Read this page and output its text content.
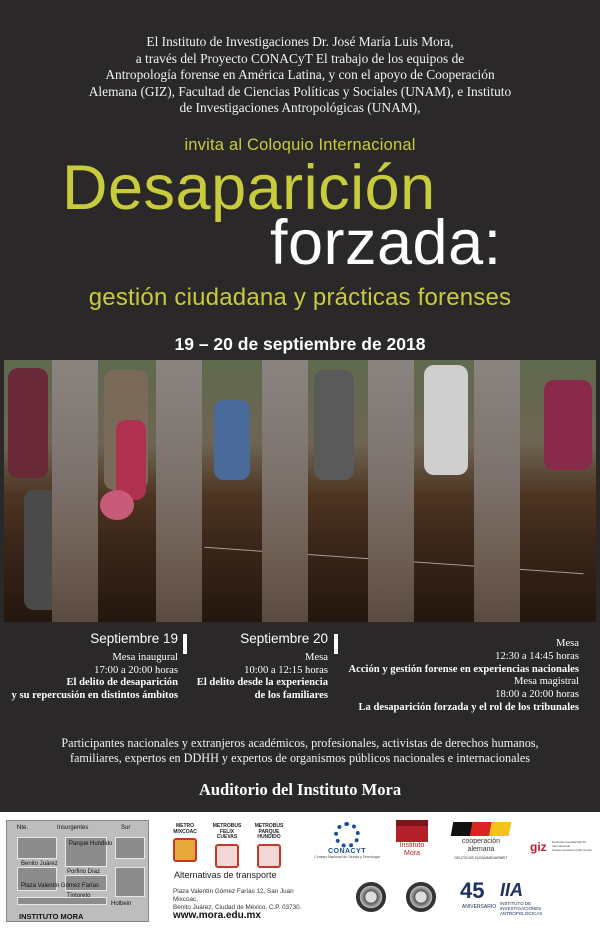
El Instituto de Investigaciones Dr. José María Luis Mora,
a través del Proyecto CONACyT El trabajo de los equipos de
Antropología forense en América Latina, y con el apoyo de Cooperación
Alemana (GIZ), Facultad de Ciencias Políticas y Sociales (UNAM), e Instituto
de Investigaciones Antropológicas (UNAM),
invita al Coloquio Internacional
Desaparición
forzada:
gestión ciudadana y prácticas forenses
19 – 20 de septiembre de 2018
Septiembre 19
Mesa inaugural
17:00 a 20:00 horas
El delito de desaparición
y su repercusión en distintos ámbitos
Septiembre 20
Mesa
10:00 a 12:15 horas
El delito desde la experiencia
de los familiares
Mesa
12:30 a 14:45 horas
Acción y gestión forense en experiencias nacionales
Mesa magistral
18:00 a 20:00 horas
La desaparición forzada y el rol de los tribunales
Participantes nacionales y extranjeros académicos, profesionales, activistas de derechos humanos,
familiares, expertos en DDHH y expertos de organismos públicos nacionales e internacionales
Auditorio del Instituto Mora
Insurgentes
Parque Hundido
Sur
Nte.
Benito Juárez
Porfirio Díaz
Tintoreto
Plaza Valentín Gómez Farías
Holbein
INSTITUTO MORA
METRO MIXCOAC
METROBUS FELIX CUEVAS
METROBUS PARQUE HUNDIDO
Alternativas de transporte
Plaza Valentín Gómez Farías 12, San Juan Mixcoac,
Benito Juárez, Ciudad de México, C.P. 03730.
www.mora.edu.mx
CONACYT
Consejo Nacional de Ciencia y Tecnología
Instituto
Mora
cooperación
alemana
DEUTSCHE ZUSAMMENARBEIT
giz Deutsche Gesellschaft für Internationale Zusammenarbeit (GIZ) GmbH
45
ANIVERSARIO
IIA
INSTITUTO DE INVESTIGACIONES ANTROPOLÓGICAS
